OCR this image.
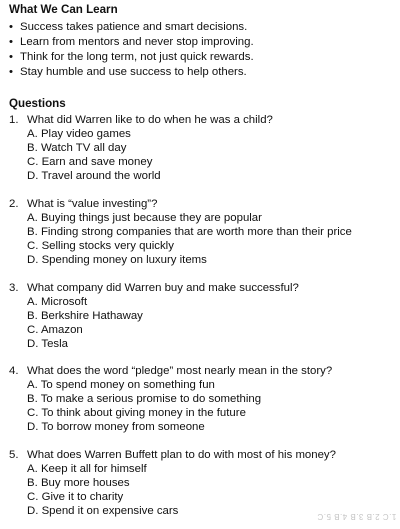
What We Can Learn
• Success takes patience and smart decisions.
• Learn from mentors and never stop improving.
• Think for the long term, not just quick rewards.
• Stay humble and use success to help others.
Questions
1. What did Warren like to do when he was a child?
A. Play video games
B. Watch TV all day
C. Earn and save money
D. Travel around the world
2. What is “value investing”?
A. Buying things just because they are popular
B. Finding strong companies that are worth more than their price
C. Selling stocks very quickly
D. Spending money on luxury items
3. What company did Warren buy and make successful?
A. Microsoft
B. Berkshire Hathaway
C. Amazon
D. Tesla
4. What does the word “pledge” most nearly mean in the story?
A. To spend money on something fun
B. To make a serious promise to do something
C. To think about giving money in the future
D. To borrow money from someone
5. What does Warren Buffett plan to do with most of his money?
A. Keep it all for himself
B. Buy more houses
C. Give it to charity
D. Spend it on expensive cars	1.C 2.B 3.B 4.B 5.C
